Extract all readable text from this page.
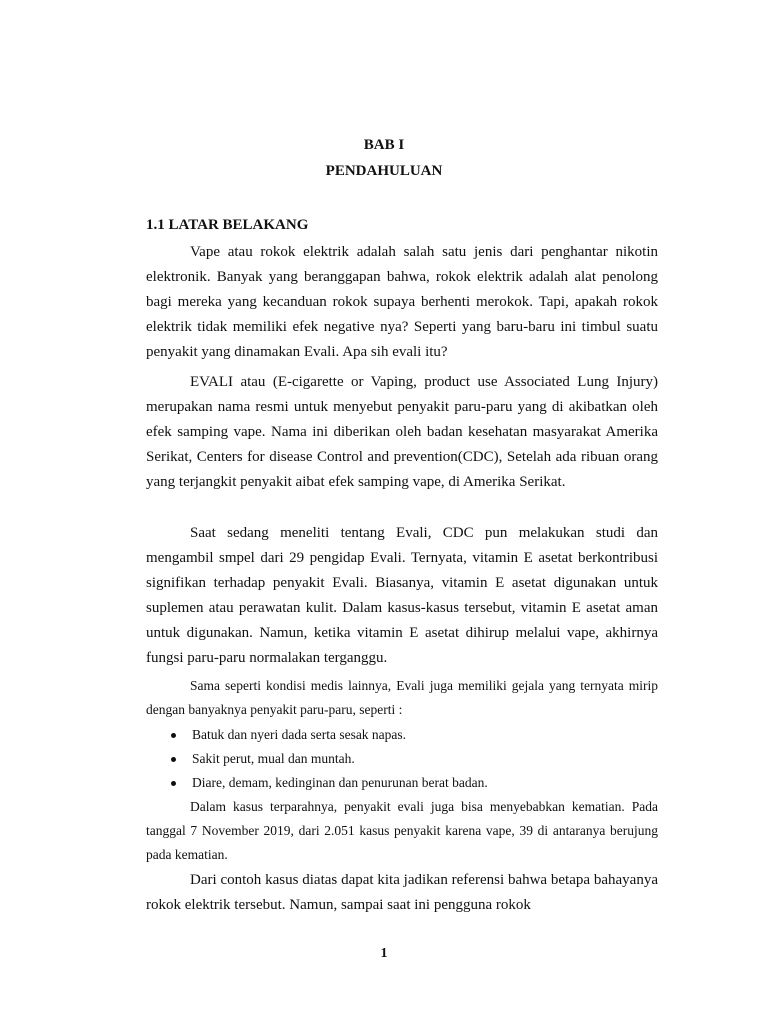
BAB I
PENDAHULUAN
1.1 LATAR BELAKANG

Vape atau rokok elektrik adalah salah satu jenis dari penghantar nikotin elektronik. Banyak yang beranggapan bahwa, rokok elektrik adalah alat penolong bagi mereka yang kecanduan rokok supaya berhenti merokok. Tapi, apakah rokok elektrik tidak memiliki efek negative nya? Seperti yang baru-baru ini timbul suatu penyakit yang dinamakan Evali. Apa sih evali itu?

EVALI atau (E-cigarette or Vaping, product use Associated Lung Injury) merupakan nama resmi untuk menyebut penyakit paru-paru yang di akibatkan oleh efek samping vape. Nama ini diberikan oleh badan kesehatan masyarakat Amerika Serikat, Centers for disease Control and prevention(CDC), Setelah ada ribuan orang yang terjangkit penyakit aibat efek samping vape, di Amerika Serikat.

Saat sedang meneliti tentang Evali, CDC pun melakukan studi dan mengambil smpel dari 29 pengidap Evali. Ternyata, vitamin E asetat berkontribusi signifikan terhadap penyakit Evali. Biasanya, vitamin E asetat digunakan untuk suplemen atau perawatan kulit. Dalam kasus-kasus tersebut, vitamin E asetat aman untuk digunakan. Namun, ketika vitamin E asetat dihirup melalui vape, akhirnya fungsi paru-paru normalakan terganggu.

Sama seperti kondisi medis lainnya, Evali juga memiliki gejala yang ternyata mirip dengan banyaknya penyakit paru-paru, seperti :

Batuk dan nyeri dada serta sesak napas.
Sakit perut, mual dan muntah.
Diare, demam, kedinginan dan penurunan berat badan.

Dalam kasus terparahnya, penyakit evali juga bisa menyebabkan kematian. Pada tanggal 7 November 2019, dari 2.051 kasus penyakit karena vape, 39 di antaranya berujung pada kematian.

Dari contoh kasus diatas dapat kita jadikan referensi bahwa betapa bahayanya rokok elektrik tersebut. Namun, sampai saat ini pengguna rokok

1
